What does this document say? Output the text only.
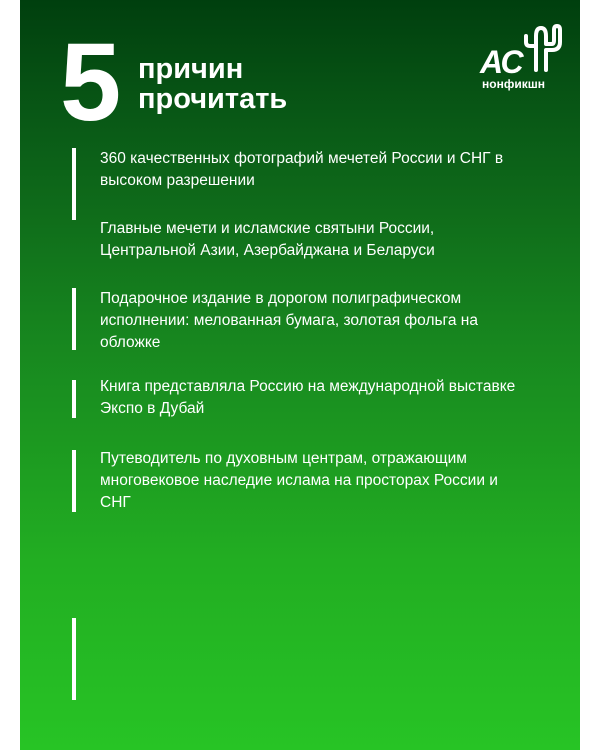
5 причин
прочитать
АС
нонфикшн
360 качественных фотографий мечетей России и СНГ в высоком разрешении
Главные мечети и исламские святыни России, Центральной Азии, Азербайджана и Беларуси
Подарочное издание в дорогом полиграфическом исполнении: мелованная бумага, золотая фольга на обложке
Книга представляла Россию на международной выставке Экспо в Дубай
Путеводитель по духовным центрам, отражающим многовековое наследие ислама на просторах России и СНГ
